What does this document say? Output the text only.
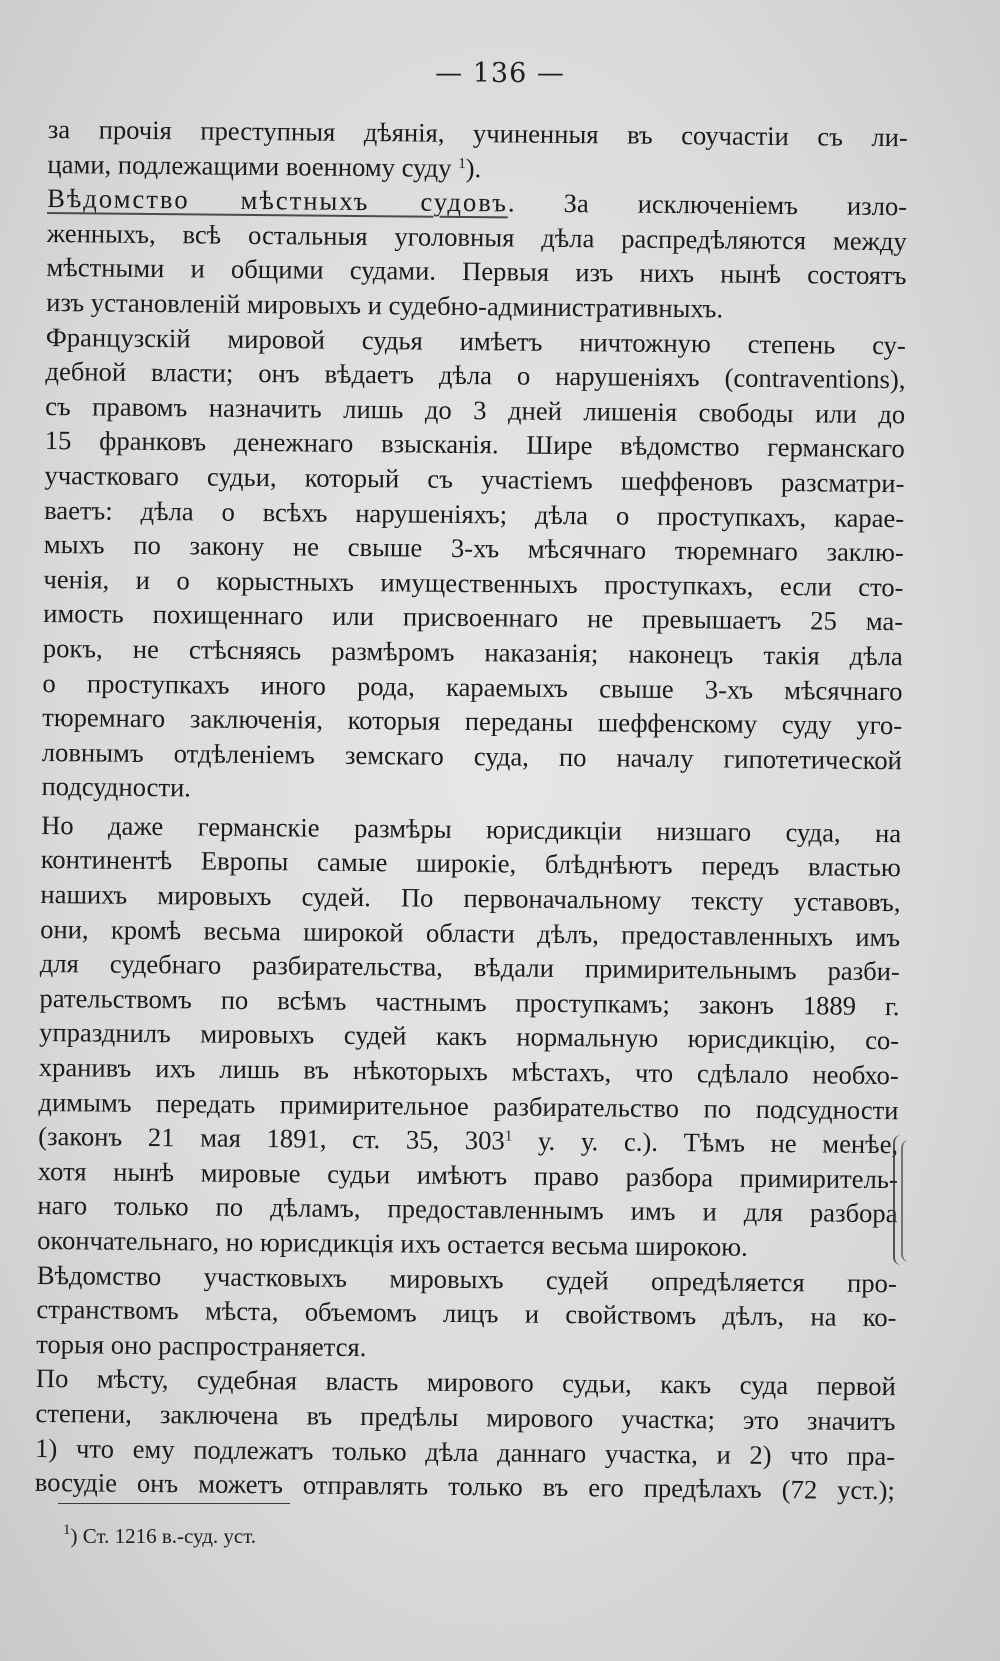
— 136 —
за прочія преступныя дѣянія, учиненныя въ соучастіи съ ли-
цами, подлежащими военному суду $^1$).
Вѣдомство мѣстныхъ судовъ. За исключеніемъ изло-
женныхъ, всѣ остальныя уголовныя дѣла распредѣляются между
мѣстными и общими судами. Первыя изъ нихъ нынѣ состоятъ
изъ установленій мировыхъ и судебно-административныхъ.
Французскій мировой судья имѣетъ ничтожную степень су-
дебной власти; онъ вѣдаетъ дѣла о нарушеніяхъ (contraventions),
съ правомъ назначить лишь до 3 дней лишенія свободы или до
15 франковъ денежнаго взысканія. Шире вѣдомство германскаго
участковаго судьи, который съ участіемъ шеффеновъ разсматри-
ваетъ: дѣла о всѣхъ нарушеніяхъ; дѣла о проступкахъ, карае-
мыхъ по закону не свыше 3-хъ мѣсячнаго тюремнаго заклю-
ченія, и о корыстныхъ имущественныхъ проступкахъ, если сто-
имость похищеннаго или присвоеннаго не превышаетъ 25 ма-
рокъ, не стѣсняясь размѣромъ наказанія; наконецъ такія дѣла
о проступкахъ иного рода, караемыхъ свыше 3-хъ мѣсячнаго
тюремнаго заключенія, которыя переданы шеффенскому суду уго-
ловнымъ отдѣленіемъ земскаго суда, по началу гипотетической
подсудности.
Но даже германскіе размѣры юрисдикціи низшаго суда, на
континентѣ Европы самые широкіе, блѣднѣютъ передъ властью
нашихъ мировыхъ судей. По первоначальному тексту уставовъ,
они, кромѣ весьма широкой области дѣлъ, предоставленныхъ имъ
для судебнаго разбирательства, вѣдали примирительнымъ разби-
рательствомъ по всѣмъ частнымъ проступкамъ; законъ 1889 г.
упразднилъ мировыхъ судей какъ нормальную юрисдикцію, со-
хранивъ ихъ лишь въ нѣкоторыхъ мѣстахъ, что сдѣлало необхо-
димымъ передать примирительное разбирательство по подсудности
(законъ 21 мая 1891, ст. 35, $303^1$ у. у. с.). Тѣмъ не менѣе,
хотя нынѣ мировые судьи имѣютъ право разбора примиритель-
наго только по дѣламъ, предоставленнымъ имъ и для разбора
окончательнаго, но юрисдикція ихъ остается весьма широкою.
Вѣдомство участковыхъ мировыхъ судей опредѣляется про-
странствомъ мѣста, объемомъ лицъ и свойствомъ дѣлъ, на ко-
торыя оно распространяется.
По мѣсту, судебная власть мирового судьи, какъ суда первой
степени, заключена въ предѣлы мирового участка; это значитъ
1) что ему подлежатъ только дѣла даннаго участка, и 2) что пра-
восудіе онъ можетъ отправлять только въ его предѣлахъ (72 уст.);
$^1$) Ст. 1216 в.-суд. уст.
